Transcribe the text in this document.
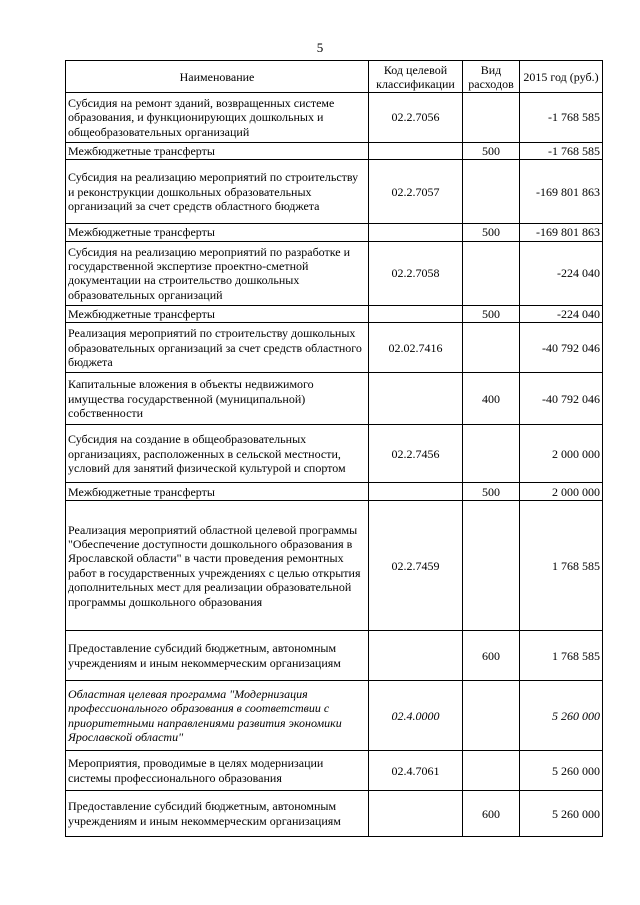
5
Наименование	Код целевой классификации	Вид расходов	2015 год (руб.)
Субсидия на ремонт зданий, возвращенных системе образования, и функционирующих дошкольных и общеобразовательных организаций	02.2.7056		-1 768 585
Межбюджетные трансферты		500	-1 768 585
Субсидия на реализацию мероприятий по строительству и реконструкции дошкольных образовательных организаций за счет средств областного бюджета	02.2.7057		-169 801 863
Межбюджетные трансферты		500	-169 801 863
Субсидия на реализацию мероприятий по разработке и государственной экспертизе проектно-сметной документации на строительство дошкольных образовательных организаций	02.2.7058		-224 040
Межбюджетные трансферты		500	-224 040
Реализация мероприятий по строительству дошкольных образовательных организаций за счет средств областного бюджета	02.02.7416		-40 792 046
Капитальные вложения в объекты недвижимого имущества государственной (муниципальной) собственности		400	-40 792 046
Субсидия на создание в общеобразовательных организациях, расположенных в сельской местности, условий для занятий физической культурой и спортом	02.2.7456		2 000 000
Межбюджетные трансферты		500	2 000 000
Реализация мероприятий областной целевой программы "Обеспечение доступности дошкольного образования в Ярославской области" в части проведения ремонтных работ в государственных учреждениях с целью открытия дополнительных мест для реализации образовательной программы дошкольного образования	02.2.7459		1 768 585
Предоставление субсидий бюджетным, автономным учреждениям и иным некоммерческим организациям		600	1 768 585
Областная целевая программа "Модернизация профессионального образования в соответствии с приоритетными направлениями развития экономики Ярославской области"	02.4.0000		5 260 000
Мероприятия, проводимые в целях модернизации системы профессионального образования	02.4.7061		5 260 000
Предоставление субсидий бюджетным, автономным учреждениям и иным некоммерческим организациям		600	5 260 000
